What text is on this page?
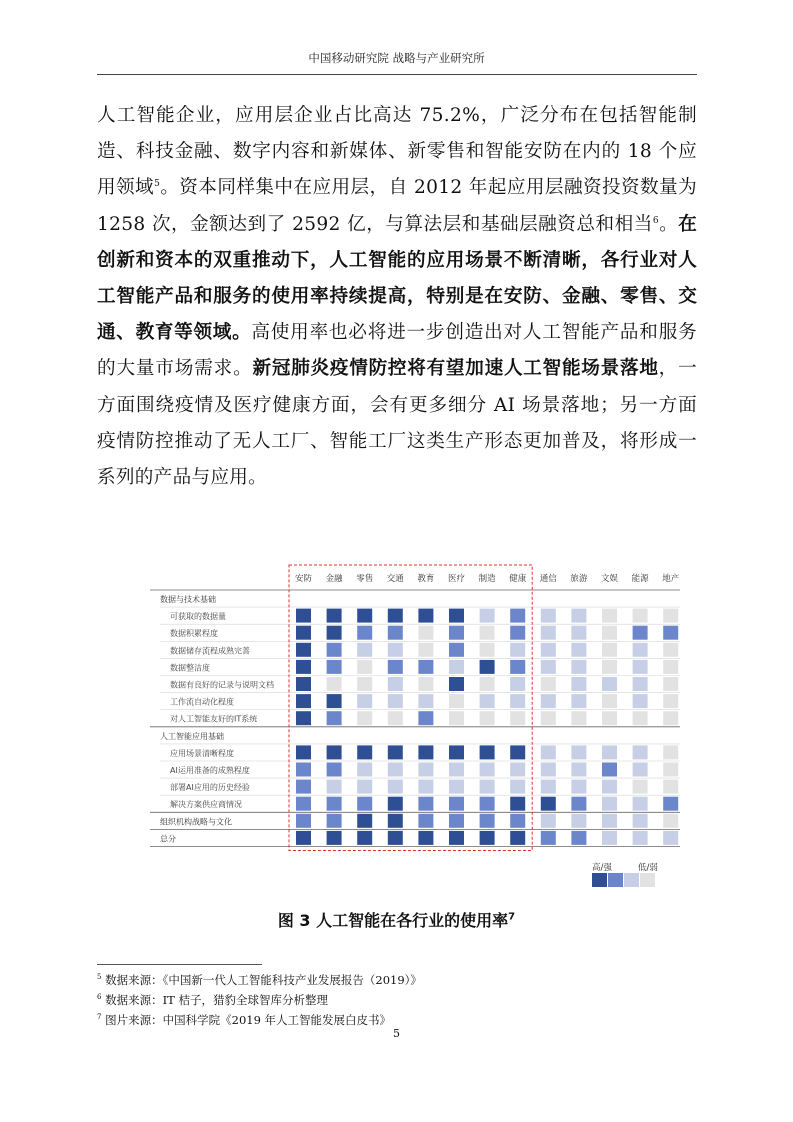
中国移动研究院 战略与产业研究所

人工智能企业，应用层企业占比高达 75.2%，广泛分布在包括智能制造、科技金融、数字内容和新媒体、新零售和智能安防在内的 18 个应用领域$^5$。资本同样集中在应用层，自 2012 年起应用层融资投资数量为 1258 次，金额达到了 2592 亿，与算法层和基础层融资总和相当$^6$。在创新和资本的双重推动下，人工智能的应用场景不断清晰，各行业对人工智能产品和服务的使用率持续提高，特别是在安防、金融、零售、交通、教育等领域。高使用率也必将进一步创造出对人工智能产品和服务的大量市场需求。新冠肺炎疫情防控将有望加速人工智能场景落地，一方面围绕疫情及医疗健康方面，会有更多细分 AI 场景落地；另一方面疫情防控推动了无人工厂、智能工厂这类生产形态更加普及，将形成一系列的产品与应用。

安防 金融 零售 交通 教育 医疗 制造 健康 通信 旅游 文娱 能源 地产
数据与技术基础
可获取的数据量
数据积累程度
数据储存流程成熟完善
数据整洁度
数据有良好的记录与说明文档
工作流自动化程度
对人工智能友好的IT系统
人工智能应用基础
应用场景清晰程度
AI运用准备的成熟程度
部署AI应用的历史经验
解决方案供应商情况
组织机构战略与文化
总分
高/强	低/弱
图 3 人工智能在各行业的使用率$^7$
$^5$ 数据来源：《中国新一代人工智能科技产业发展报告（2019）》
$^6$ 数据来源：IT 桔子，猎豹全球智库分析整理
$^7$ 图片来源：中国科学院《2019 年人工智能发展白皮书》
5
